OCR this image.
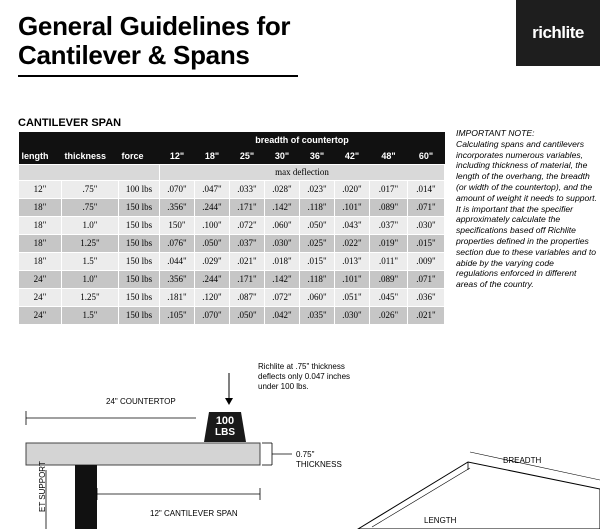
General Guidelines for
Cantilever & Spans
richlite
CANTILEVER SPAN
			breadth of countertop							
length	thickness	force	12"	18"	25"	30"	36"	42"	48"	60"
			max deflection							
12"	.75"	100 lbs	.070"	.047"	.033"	.028"	.023"	.020"	.017"	.014"
18"	.75"	150 lbs	.356"	.244"	.171"	.142"	.118"	.101"	.089"	.071"
18"	1.0"	150 lbs	150"	.100"	.072"	.060"	.050"	.043"	.037"	.030"
18"	1.25"	150 lbs	.076"	.050"	.037"	.030"	.025"	.022"	.019"	.015"
18"	1.5"	150 lbs	.044"	.029"	.021"	.018"	.015"	.013"	.011"	.009"
24"	1.0"	150 lbs	.356"	.244"	.171"	.142"	.118"	.101"	.089"	.071"
24"	1.25"	150 lbs	.181"	.120"	.087"	.072"	.060"	.051"	.045"	.036"
24"	1.5"	150 lbs	.105"	.070"	.050"	.042"	.035"	.030"	.026"	.021"
IMPORTANT NOTE:
Calculating spans and cantilevers incorporates numerous variables, including thickness of material, the length of the overhang, the breadth (or width of the countertop), and the amount of weight it needs to support. It is important that the specifier approximately calculate the specifications based off Richlite properties defined in the properties section due to these variables and to abide by the varying code regulations enforced in different areas of the country.
100
LBS
Richlite at .75" thickness deflects only 0.047 inches under 100 lbs.
24" COUNTERTOP
0.75"
THICKNESS
12" CANTILEVER SPAN
ET SUPPORT
BREADTH
LENGTH
